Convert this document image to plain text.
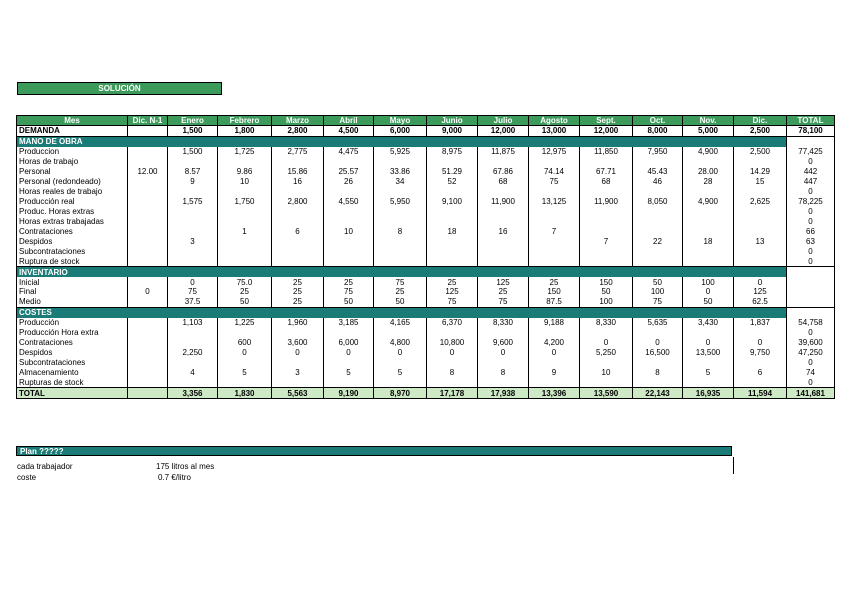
SOLUCIÓN
Mes	Dic. N-1	Enero	Febrero	Marzo	Abril	Mayo	Junio	Julio	Agosto	Sept.	Oct.	Nov.	Dic.	TOTAL
DEMANDA		1,500	1,800	2,800	4,500	6,000	9,000	12,000	13,000	12,000	8,000	5,000	2,500	78,100
MANO DE OBRA														0
Produccion		1,500	1,725	2,775	4,475	5,925	8,975	11,875	12,975	11,850	7,950	4,900	2,500	77,425
Horas de trabajo														0
Personal	12.00	8.57	9.86	15.86	25.57	33.86	51.29	67.86	74.14	67.71	45.43	28.00	14.29	442
Personal (redondeado)		9	10	16	26	34	52	68	75	68	46	28	15	447
Horas reales de trabajo														0
Producción real		1,575	1,750	2,800	4,550	5,950	9,100	11,900	13,125	11,900	8,050	4,900	2,625	78,225
Produc. Horas extras														0
Horas extras trabajadas														0
Contrataciones			1	6	10	8	18	16	7					66
Despidos		3								7	22	18	13	63
Subcontrataciones														0
Ruptura de stock														0
INVENTARIO														
Inicial		0	75.0	25	25	75	25	125	25	150	50	100	0	
Final	0	75	25	25	75	25	125	25	150	50	100	0	125	
Medio		37.5	50	25	50	50	75	75	87.5	100	75	50	62.5	
COSTES														
Producción		1,103	1,225	1,960	3,185	4,165	6,370	8,330	9,188	8,330	5,635	3,430	1,837	54,758
Producción Hora extra														0
Contrataciones			600	3,600	6,000	4,800	10,800	9,600	4,200	0	0	0	0	39,600
Despidos		2,250	0	0	0	0	0	0	0	5,250	16,500	13,500	9,750	47,250
Subcontrataciones														0
Almacenamiento		4	5	3	5	5	8	8	9	10	8	5	6	74
Rupturas de stock														0
TOTAL		3,356	1,830	5,563	9,190	8,970	17,178	17,938	13,396	13,590	22,143	16,935	11,594	141,681
Plan ?????
cada trabajador	175 litros al mes
coste	0.7 €/litro
